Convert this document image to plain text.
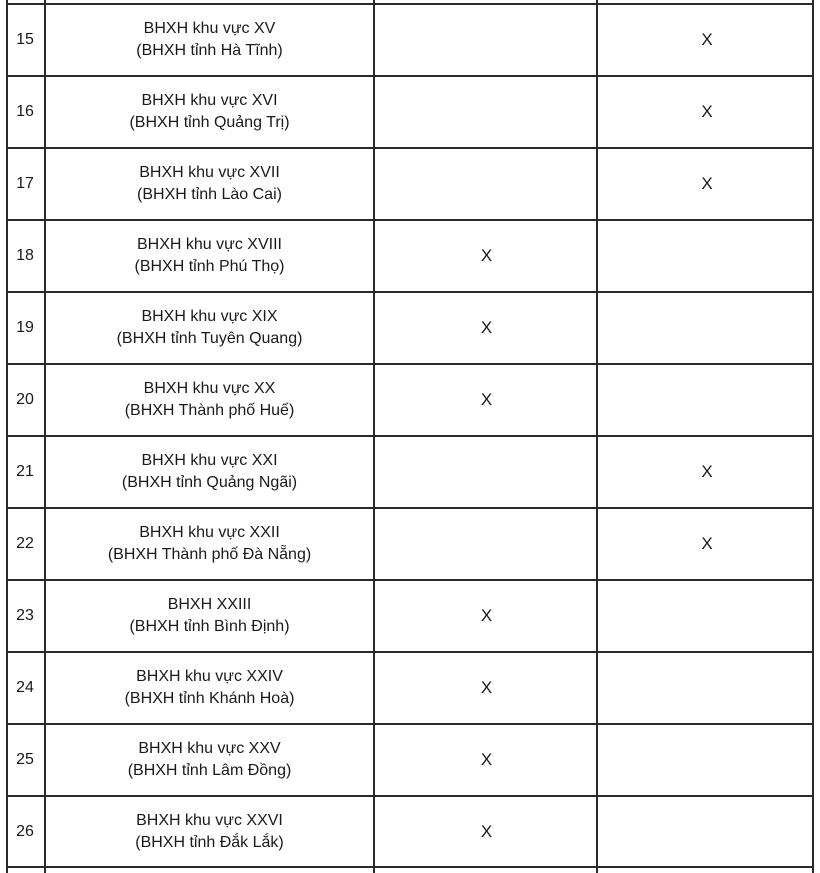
15
BHXH khu vực XV
(BHXH tỉnh Hà Tĩnh)
X
16
BHXH khu vực XVI
(BHXH tỉnh Quảng Trị)
X
17
BHXH khu vực XVII
(BHXH tỉnh Lào Cai)
X
18
BHXH khu vực XVIII
(BHXH tỉnh Phú Thọ)
X
19
BHXH khu vực XIX
(BHXH tỉnh Tuyên Quang)
X
20
BHXH khu vực XX
(BHXH Thành phố Huế)
X
21
BHXH khu vực XXI
(BHXH tỉnh Quảng Ngãi)
X
22
BHXH khu vực XXII
(BHXH Thành phố Đà Nẵng)
X
23
BHXH XXIII
(BHXH tỉnh Bình Định)
X
24
BHXH khu vực XXIV
(BHXH tỉnh Khánh Hoà)
X
25
BHXH khu vực XXV
(BHXH tỉnh Lâm Đồng)
X
26
BHXH khu vực XXVI
(BHXH tỉnh Đắk Lắk)
X
